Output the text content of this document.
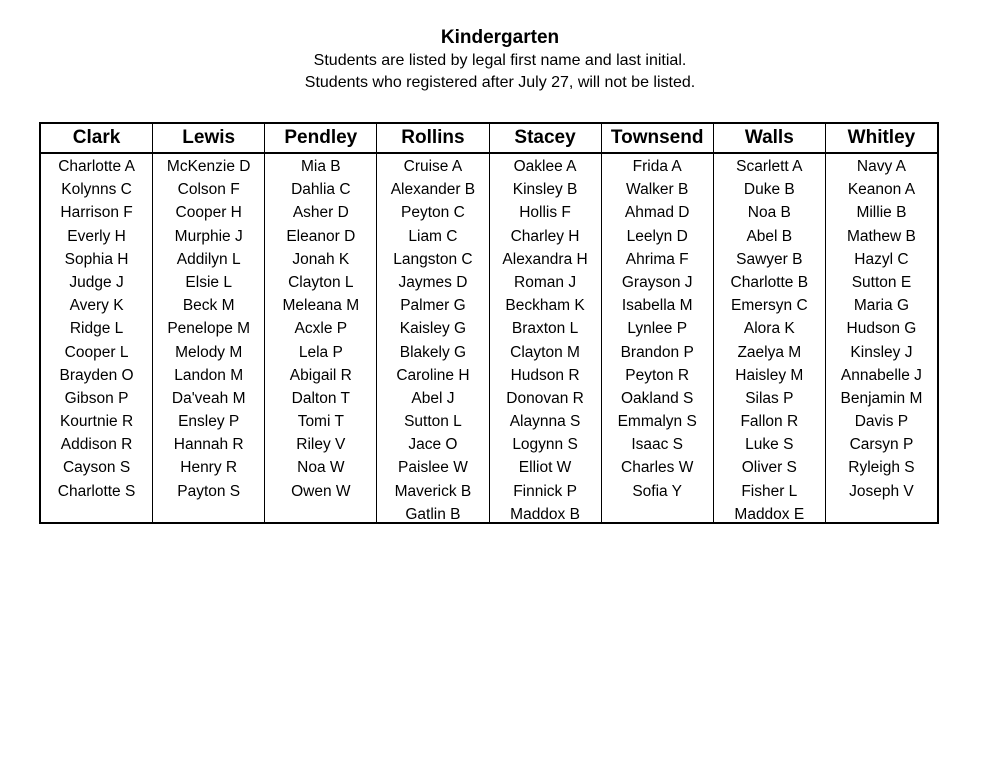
Kindergarten

Students are listed by legal first name and last initial.

Students who registered after July 27, will not be listed.

Clark
Charlotte A
Kolynns C
Harrison F
Everly H
Sophia H
Judge J
Avery K
Ridge L
Cooper L
Brayden O
Gibson P
Kourtnie R
Addison R
Cayson S
Charlotte S
Lewis
McKenzie D
Colson F
Cooper H
Murphie J
Addilyn L
Elsie L
Beck M
Penelope M
Melody M
Landon M
Da'veah M
Ensley P
Hannah R
Henry R
Payton S
Pendley
Mia B
Dahlia C
Asher D
Eleanor D
Jonah K
Clayton L
Meleana M
Acxle P
Lela P
Abigail R
Dalton T
Tomi T
Riley V
Noa W
Owen W
Rollins
Cruise A
Alexander B
Peyton C
Liam C
Langston C
Jaymes D
Palmer G
Kaisley G
Blakely G
Caroline H
Abel J
Sutton L
Jace O
Paislee W
Maverick B
Gatlin B
Stacey
Oaklee A
Kinsley B
Hollis F
Charley H
Alexandra H
Roman J
Beckham K
Braxton L
Clayton M
Hudson R
Donovan R
Alaynna S
Logynn S
Elliot W
Finnick P
Maddox B
Townsend
Frida A
Walker B
Ahmad D
Leelyn D
Ahrima F
Grayson J
Isabella M
Lynlee P
Brandon P
Peyton R
Oakland S
Emmalyn S
Isaac S
Charles W
Sofia Y
Walls
Scarlett A
Duke B
Noa B
Abel B
Sawyer B
Charlotte B
Emersyn C
Alora K
Zaelya M
Haisley M
Silas P
Fallon R
Luke S
Oliver S
Fisher L
Maddox E
Whitley
Navy A
Keanon A
Millie B
Mathew B
Hazyl C
Sutton E
Maria G
Hudson G
Kinsley J
Annabelle J
Benjamin M
Davis P
Carsyn P
Ryleigh S
Joseph V
